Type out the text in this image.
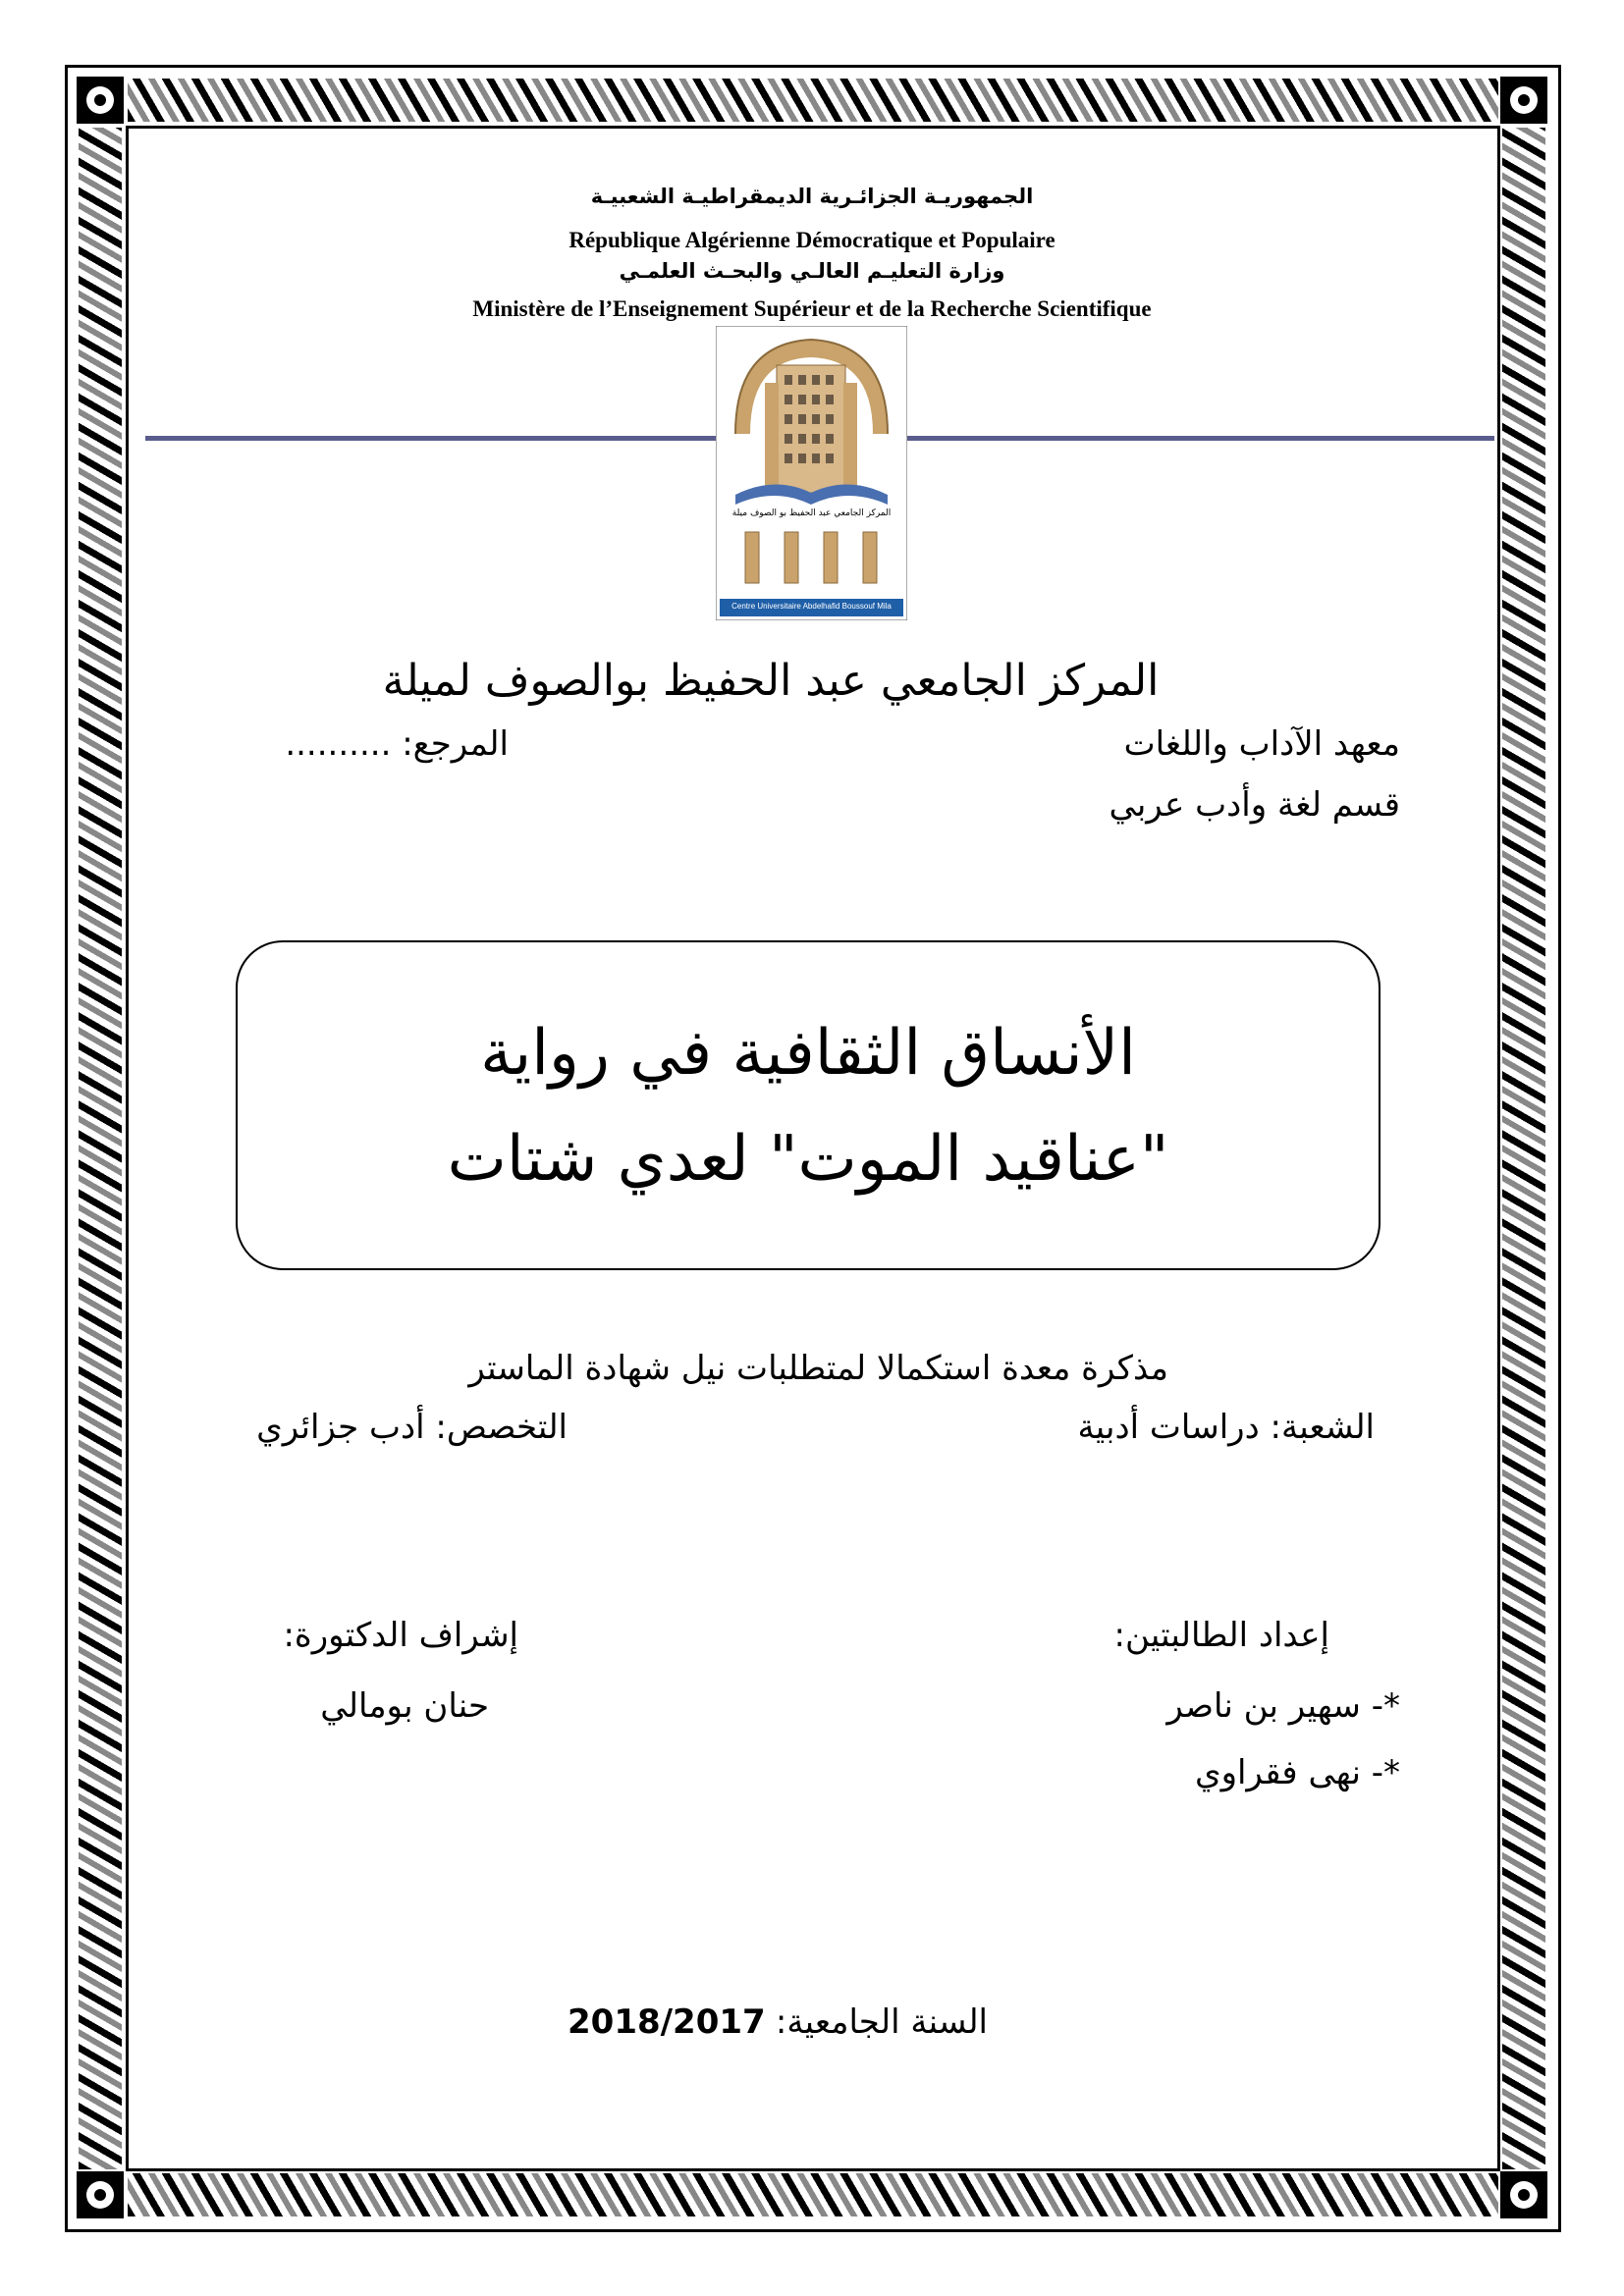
الجمهوريـة الجزائـرية الديمقراطيـة الشعبيـة
République Algérienne Démocratique et Populaire
وزارة التعليـم العالـي والبحـث العلمـي
Ministère de l’Enseignement Supérieur et de la Recherche Scientifique
المركز الجامعي عبد الحفيظ بو الصوف ميلة
Centre Universitaire Abdelhafid Boussouf Mila
المركز الجامعي عبد الحفيظ بوالصوف لميلة
معهد الآداب واللغات
المرجع: ..........
قسم لغة وأدب عربي
الأنساق الثقافية في رواية
"عناقيد الموت" لعدي شتات
مذكرة معدة استكمالا لمتطلبات نيل شهادة الماستر
الشعبة: دراسات أدبية
التخصص: أدب جزائري
إعداد الطالبتين:
*- سهير بن ناصر
*- نهى فقراوي
إشراف الدكتورة:
حنان بومالي
السنة الجامعية:
2018/2017
